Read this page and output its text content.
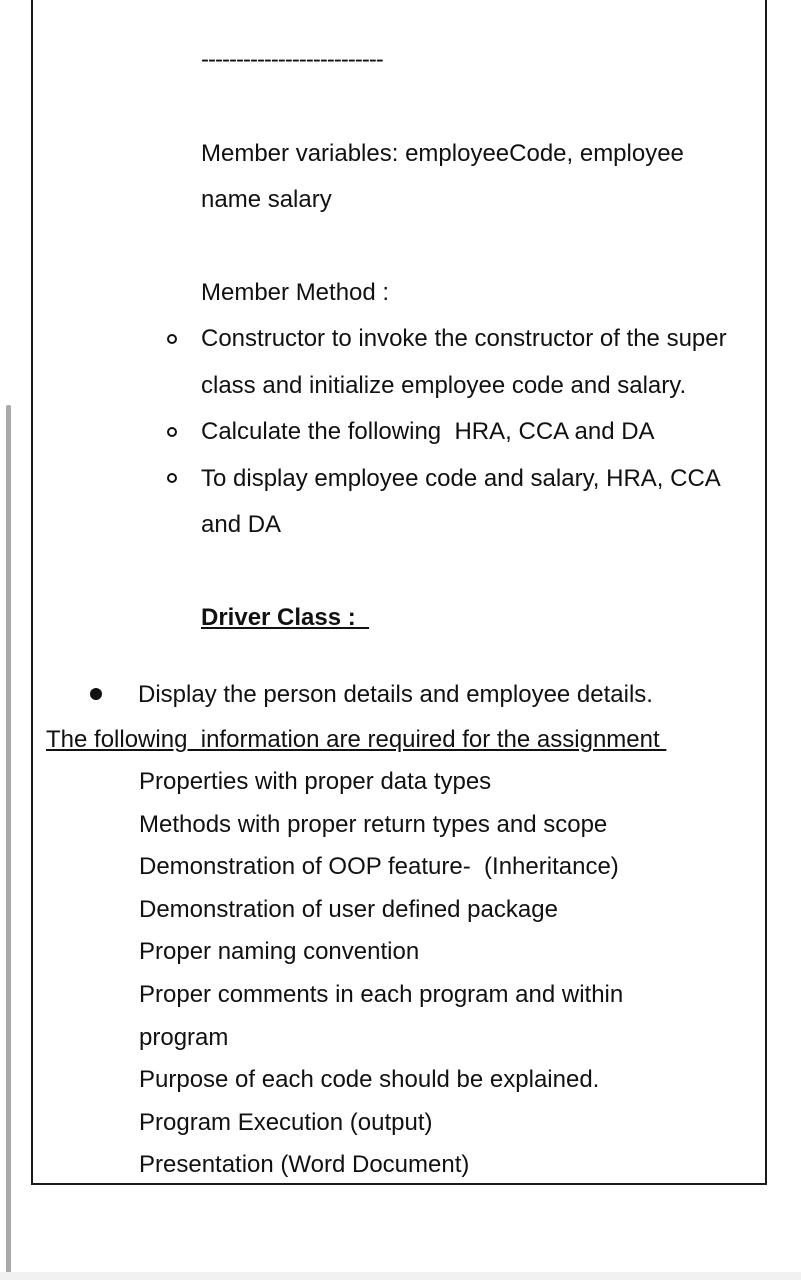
--------------------------
Member variables: employeeCode, employee
name salary
Member Method :
Constructor to invoke the constructor of the super
class and initialize employee code and salary.
Calculate the following  HRA, CCA and DA
To display employee code and salary, HRA, CCA
and DA
Driver Class :
Display the person details and employee details.
The following  information are required for the assignment
Properties with proper data types
Methods with proper return types and scope
Demonstration of OOP feature-  (Inheritance)
Demonstration of user defined package
Proper naming convention
Proper comments in each program and within
program
Purpose of each code should be explained.
Program Execution (output)
Presentation (Word Document)
